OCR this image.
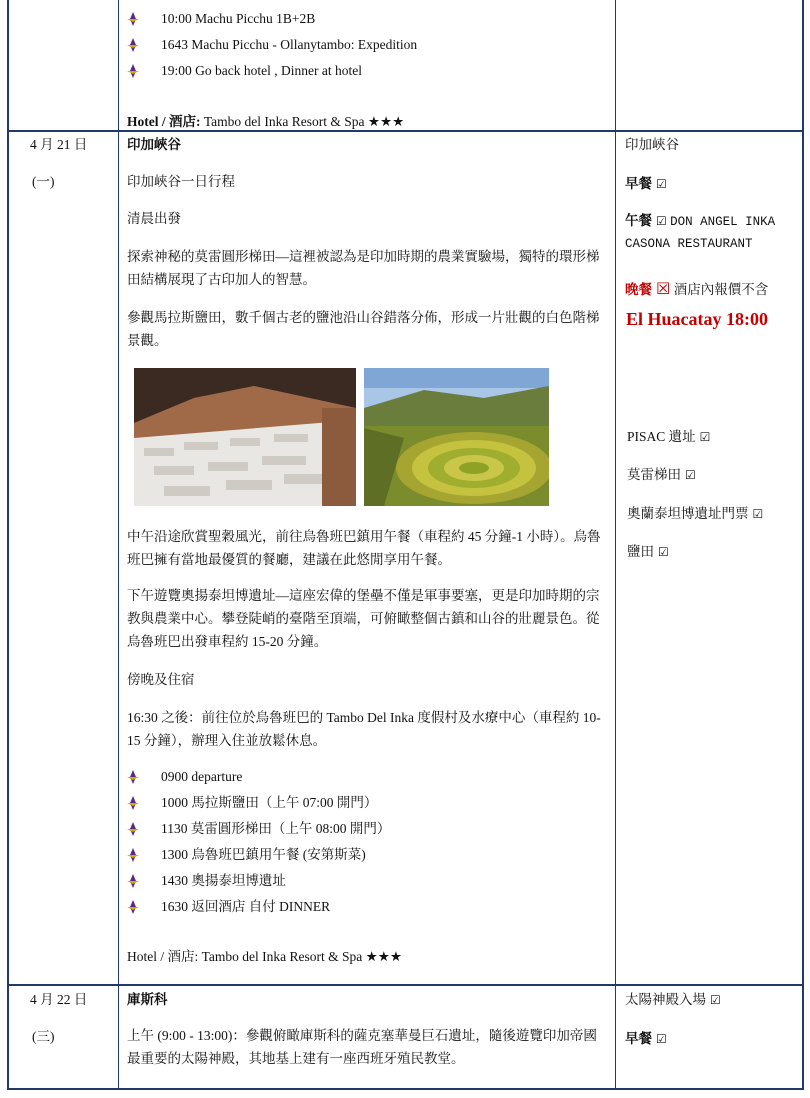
10:00 Machu Picchu 1B+2B
1643 Machu Picchu - Ollanytambo: Expedition
19:00 Go back hotel , Dinner at hotel
Hotel / 酒店: Tambo del Inka Resort & Spa ★★★
4 月 21 日
(一)
印加峽谷
印加峽谷一日行程
清晨出發
探索神秘的莫雷圓形梯田—這裡被認為是印加時期的農業實驗場，獨特的環形梯田結構展現了古印加人的智慧。
參觀馬拉斯鹽田，數千個古老的鹽池沿山谷錯落分佈，形成一片壯觀的白色階梯景觀。
中午沿途欣賞聖穀風光，前往烏魯班巴鎮用午餐（車程約 45 分鐘-1 小時）。烏魯班巴擁有當地最優質的餐廳，建議在此悠閒享用午餐。
下午遊覽奧揚泰坦博遺址—這座宏偉的堡壘不僅是軍事要塞，更是印加時期的宗教與農業中心。攀登陡峭的臺階至頂端，可俯瞰整個古鎮和山谷的壯麗景色。從烏魯班巴出發車程約 15-20 分鐘。
傍晚及住宿
16:30 之後：前往位於烏魯班巴的 Tambo Del Inka 度假村及水療中心（車程約 10-15 分鐘），辦理入住並放鬆休息。
0900 departure
1000 馬拉斯鹽田（上午 07:00 開門）
1130 莫雷圓形梯田（上午 08:00 開門）
1300 烏魯班巴鎮用午餐 (安第斯菜)
1430 奧揚泰坦博遺址
1630 返回酒店 自付 DINNER
Hotel / 酒店: Tambo del Inka Resort & Spa ★★★
印加峽谷
早餐 ☑
午餐 ☑ DON ANGEL INKA
CASONA RESTAURANT
晚餐 ☒ 酒店內報價不含
El Huacatay 18:00
PISAC 遺址 ☑
莫雷梯田 ☑
奧蘭泰坦博遺址門票 ☑
鹽田 ☑
4 月 22 日
(三)
庫斯科
上午 (9:00 - 13:00)：參觀俯瞰庫斯科的薩克塞華曼巨石遺址，隨後遊覽印加帝國最重要的太陽神殿，其地基上建有一座西班牙殖民教堂。
太陽神殿入場 ☑
早餐 ☑
